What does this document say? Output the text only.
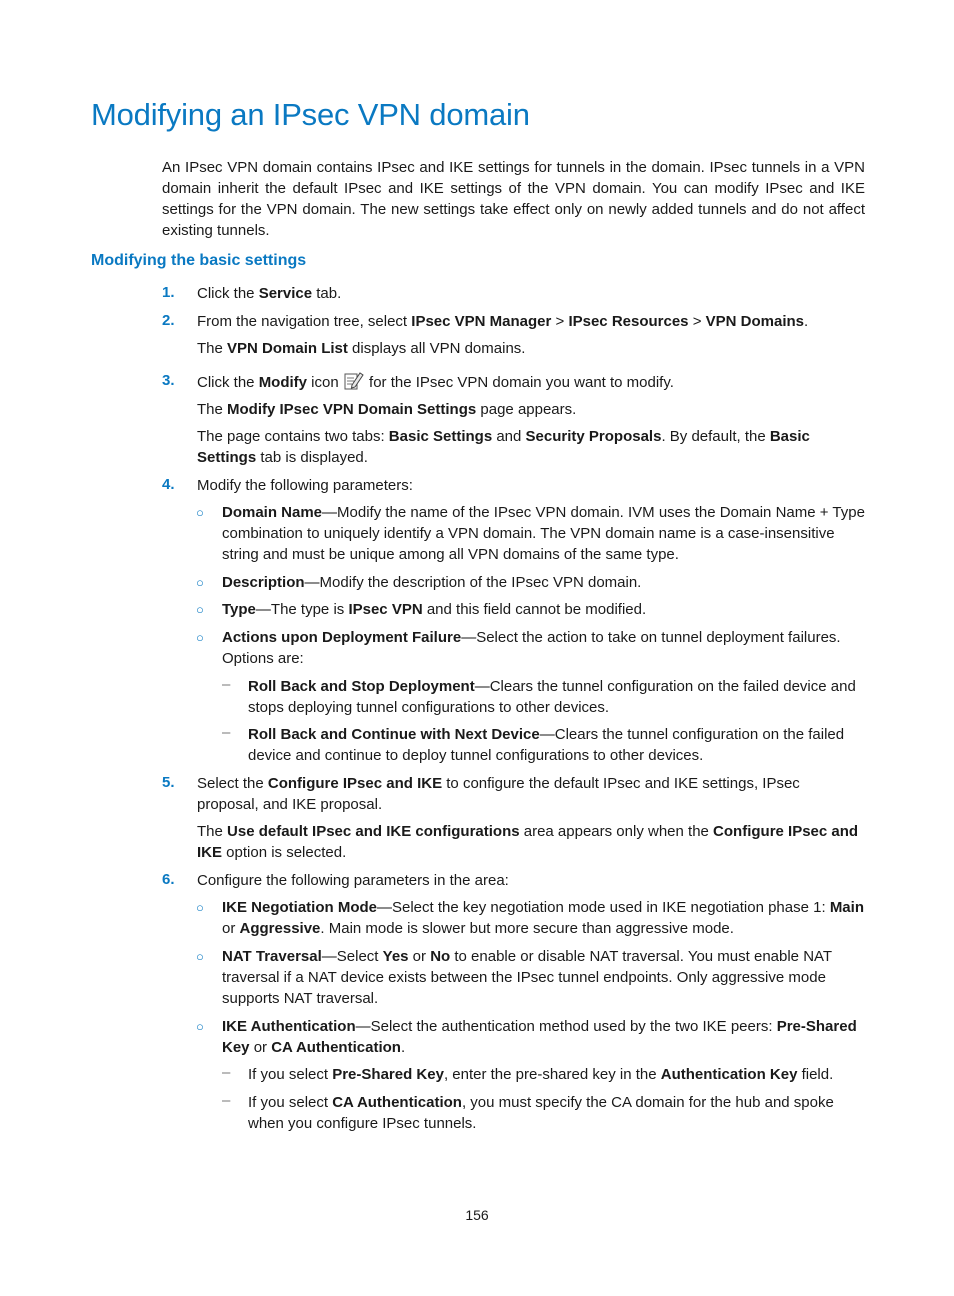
Modifying an IPsec VPN domain

An IPsec VPN domain contains IPsec and IKE settings for tunnels in the domain. IPsec tunnels in a VPN domain inherit the default IPsec and IKE settings of the VPN domain. You can modify IPsec and IKE settings for the VPN domain. The new settings take effect only on newly added tunnels and do not affect existing tunnels.

Modifying the basic settings
1.	Click the Service tab.
2.	From the navigation tree, select IPsec VPN Manager > IPsec Resources > VPN Domains.
The VPN Domain List displays all VPN domains.
3.	Click the Modify icon  for the IPsec VPN domain you want to modify.
The Modify IPsec VPN Domain Settings page appears.
The page contains two tabs: Basic Settings and Security Proposals. By default, the Basic Settings tab is displayed.
4.	Modify the following parameters:
○ Domain Name—Modify the name of the IPsec VPN domain. IVM uses the Domain Name + Type combination to uniquely identify a VPN domain. The VPN domain name is a case-insensitive string and must be unique among all VPN domains of the same type.
○ Description—Modify the description of the IPsec VPN domain.
○ Type—The type is IPsec VPN and this field cannot be modified.
○ Actions upon Deployment Failure—Select the action to take on tunnel deployment failures. Options are:
– Roll Back and Stop Deployment—Clears the tunnel configuration on the failed device and stops deploying tunnel configurations to other devices.
– Roll Back and Continue with Next Device—Clears the tunnel configuration on the failed device and continue to deploy tunnel configurations to other devices.
5.	Select the Configure IPsec and IKE to configure the default IPsec and IKE settings, IPsec proposal, and IKE proposal.
The Use default IPsec and IKE configurations area appears only when the Configure IPsec and IKE option is selected.
6.	Configure the following parameters in the area:
○ IKE Negotiation Mode—Select the key negotiation mode used in IKE negotiation phase 1: Main or Aggressive. Main mode is slower but more secure than aggressive mode.
○ NAT Traversal—Select Yes or No to enable or disable NAT traversal. You must enable NAT traversal if a NAT device exists between the IPsec tunnel endpoints. Only aggressive mode supports NAT traversal.
○ IKE Authentication—Select the authentication method used by the two IKE peers: Pre-Shared Key or CA Authentication.
– If you select Pre-Shared Key, enter the pre-shared key in the Authentication Key field.
– If you select CA Authentication, you must specify the CA domain for the hub and spoke when you configure IPsec tunnels.
156
